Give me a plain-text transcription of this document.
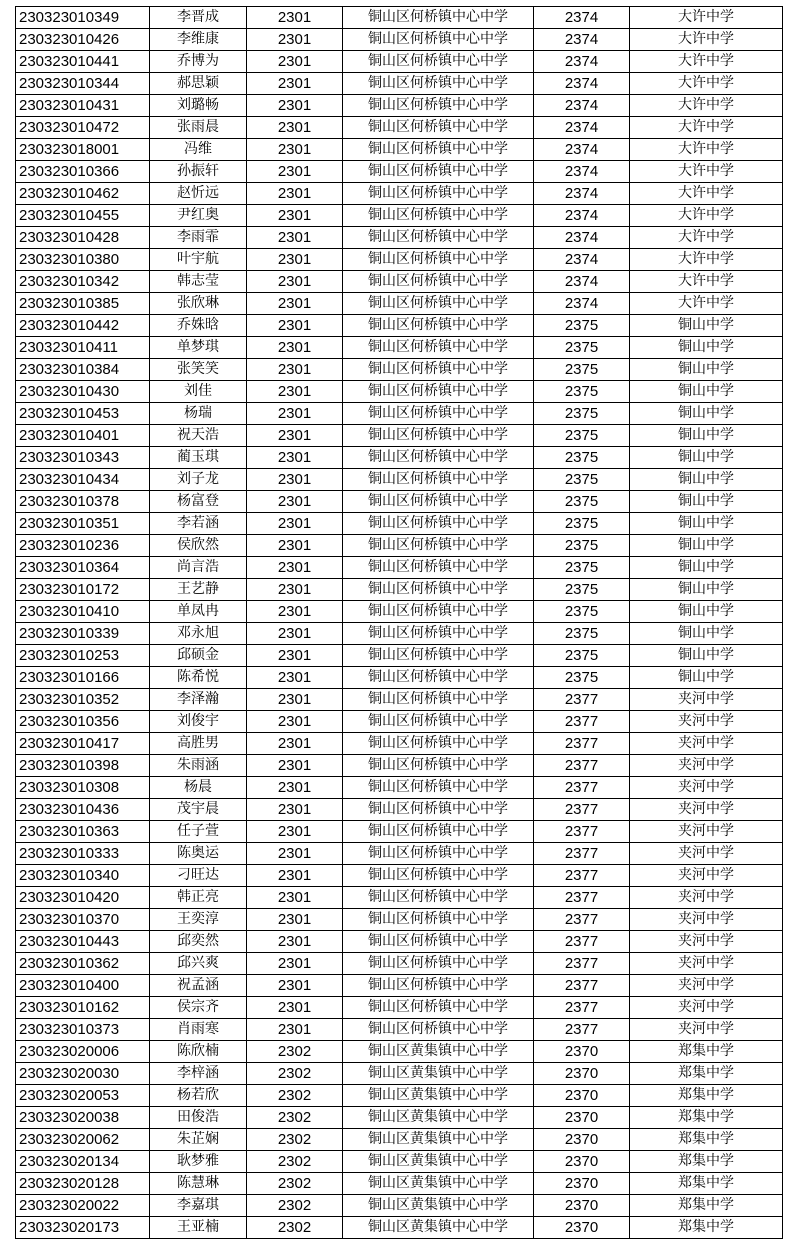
230323010349	李晋成	2301	铜山区何桥镇中心中学	2374	大许中学
230323010426	李维康	2301	铜山区何桥镇中心中学	2374	大许中学
230323010441	乔博为	2301	铜山区何桥镇中心中学	2374	大许中学
230323010344	郝思颖	2301	铜山区何桥镇中心中学	2374	大许中学
230323010431	刘璐畅	2301	铜山区何桥镇中心中学	2374	大许中学
230323010472	张雨晨	2301	铜山区何桥镇中心中学	2374	大许中学
230323018001	冯维	2301	铜山区何桥镇中心中学	2374	大许中学
230323010366	孙振轩	2301	铜山区何桥镇中心中学	2374	大许中学
230323010462	赵忻远	2301	铜山区何桥镇中心中学	2374	大许中学
230323010455	尹红奥	2301	铜山区何桥镇中心中学	2374	大许中学
230323010428	李雨霏	2301	铜山区何桥镇中心中学	2374	大许中学
230323010380	叶宇航	2301	铜山区何桥镇中心中学	2374	大许中学
230323010342	韩志莹	2301	铜山区何桥镇中心中学	2374	大许中学
230323010385	张欣琳	2301	铜山区何桥镇中心中学	2374	大许中学
230323010442	乔姝晗	2301	铜山区何桥镇中心中学	2375	铜山中学
230323010411	单梦琪	2301	铜山区何桥镇中心中学	2375	铜山中学
230323010384	张笑笑	2301	铜山区何桥镇中心中学	2375	铜山中学
230323010430	刘佳	2301	铜山区何桥镇中心中学	2375	铜山中学
230323010453	杨瑞	2301	铜山区何桥镇中心中学	2375	铜山中学
230323010401	祝天浩	2301	铜山区何桥镇中心中学	2375	铜山中学
230323010343	蔺玉琪	2301	铜山区何桥镇中心中学	2375	铜山中学
230323010434	刘子龙	2301	铜山区何桥镇中心中学	2375	铜山中学
230323010378	杨富登	2301	铜山区何桥镇中心中学	2375	铜山中学
230323010351	李若涵	2301	铜山区何桥镇中心中学	2375	铜山中学
230323010236	侯欣然	2301	铜山区何桥镇中心中学	2375	铜山中学
230323010364	尚言浩	2301	铜山区何桥镇中心中学	2375	铜山中学
230323010172	王艺静	2301	铜山区何桥镇中心中学	2375	铜山中学
230323010410	单凤冉	2301	铜山区何桥镇中心中学	2375	铜山中学
230323010339	邓永旭	2301	铜山区何桥镇中心中学	2375	铜山中学
230323010253	邱硕金	2301	铜山区何桥镇中心中学	2375	铜山中学
230323010166	陈希悦	2301	铜山区何桥镇中心中学	2375	铜山中学
230323010352	李泽瀚	2301	铜山区何桥镇中心中学	2377	夹河中学
230323010356	刘俊宇	2301	铜山区何桥镇中心中学	2377	夹河中学
230323010417	高胜男	2301	铜山区何桥镇中心中学	2377	夹河中学
230323010398	朱雨涵	2301	铜山区何桥镇中心中学	2377	夹河中学
230323010308	杨晨	2301	铜山区何桥镇中心中学	2377	夹河中学
230323010436	茂宇晨	2301	铜山区何桥镇中心中学	2377	夹河中学
230323010363	任子萱	2301	铜山区何桥镇中心中学	2377	夹河中学
230323010333	陈奥运	2301	铜山区何桥镇中心中学	2377	夹河中学
230323010340	刁旺达	2301	铜山区何桥镇中心中学	2377	夹河中学
230323010420	韩正亮	2301	铜山区何桥镇中心中学	2377	夹河中学
230323010370	王奕淳	2301	铜山区何桥镇中心中学	2377	夹河中学
230323010443	邱奕然	2301	铜山区何桥镇中心中学	2377	夹河中学
230323010362	邱兴爽	2301	铜山区何桥镇中心中学	2377	夹河中学
230323010400	祝孟涵	2301	铜山区何桥镇中心中学	2377	夹河中学
230323010162	侯宗齐	2301	铜山区何桥镇中心中学	2377	夹河中学
230323010373	肖雨寒	2301	铜山区何桥镇中心中学	2377	夹河中学
230323020006	陈欣楠	2302	铜山区黄集镇中心中学	2370	郑集中学
230323020030	李梓涵	2302	铜山区黄集镇中心中学	2370	郑集中学
230323020053	杨若欣	2302	铜山区黄集镇中心中学	2370	郑集中学
230323020038	田俊浩	2302	铜山区黄集镇中心中学	2370	郑集中学
230323020062	朱芷娴	2302	铜山区黄集镇中心中学	2370	郑集中学
230323020134	耿梦雅	2302	铜山区黄集镇中心中学	2370	郑集中学
230323020128	陈慧琳	2302	铜山区黄集镇中心中学	2370	郑集中学
230323020022	李嘉琪	2302	铜山区黄集镇中心中学	2370	郑集中学
230323020173	王亚楠	2302	铜山区黄集镇中心中学	2370	郑集中学
